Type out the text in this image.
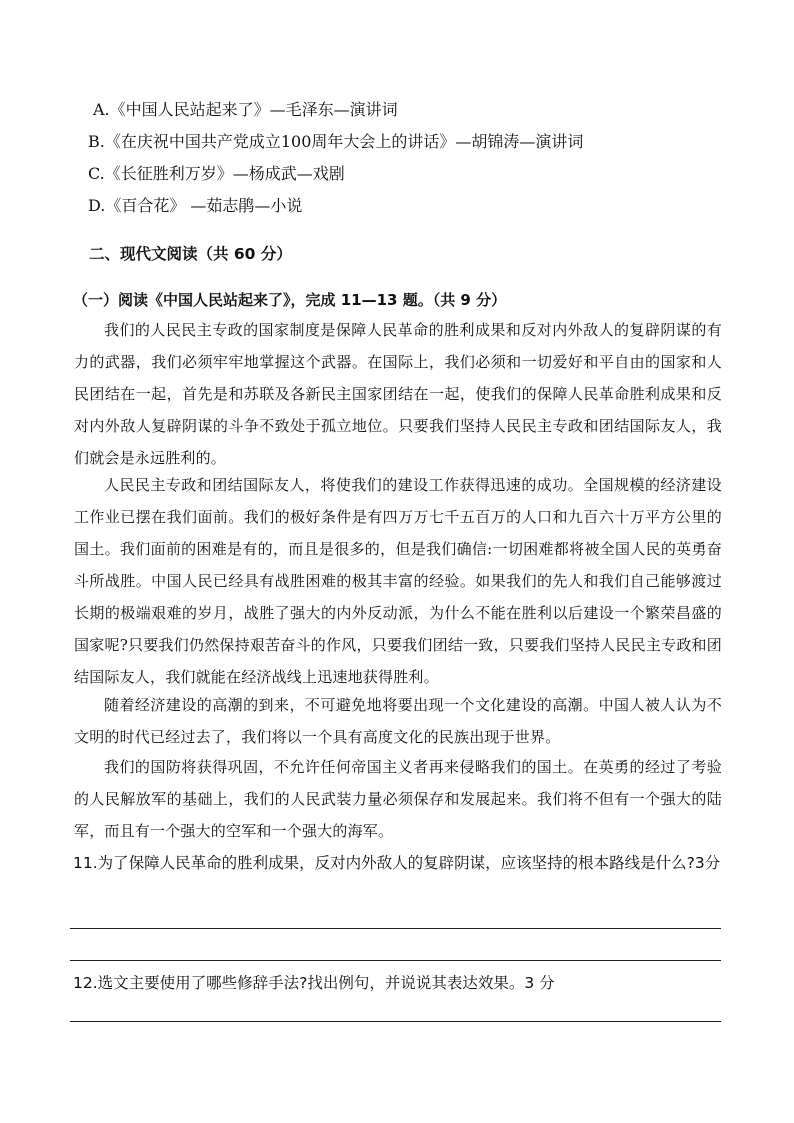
A.《中国人民站起来了》—毛泽东—演讲词
B.《在庆祝中国共产党成立100周年大会上的讲话》—胡锦涛—演讲词
C.《长征胜利万岁》—杨成武—戏剧
D.《百合花》 —茹志鹃—小说
二、现代文阅读（共 60 分）
（一）阅读《中国人民站起来了》，完成 11—13 题。（共 9 分）

我们的人民民主专政的国家制度是保障人民革命的胜利成果和反对内外敌人的复辟阴谋的有力的武器，我们必须牢牢地掌握这个武器。在国际上，我们必须和一切爱好和平自由的国家和人民团结在一起，首先是和苏联及各新民主国家团结在一起，使我们的保障人民革命胜利成果和反对内外敌人复辟阴谋的斗争不致处于孤立地位。只要我们坚持人民民主专政和团结国际友人，我们就会是永远胜利的。

人民民主专政和团结国际友人，将使我们的建设工作获得迅速的成功。全国规模的经济建设工作业已摆在我们面前。我们的极好条件是有四万万七千五百万的人口和九百六十万平方公里的国土。我们面前的困难是有的，而且是很多的，但是我们确信:一切困难都将被全国人民的英勇奋斗所战胜。中国人民已经具有战胜困难的极其丰富的经验。如果我们的先人和我们自己能够渡过长期的极端艰难的岁月，战胜了强大的内外反动派，为什么不能在胜利以后建设一个繁荣昌盛的国家呢?只要我们仍然保持艰苦奋斗的作风，只要我们团结一致，只要我们坚持人民民主专政和团结国际友人，我们就能在经济战线上迅速地获得胜利。

随着经济建设的高潮的到来，不可避免地将要出现一个文化建设的高潮。中国人被人认为不文明的时代已经过去了，我们将以一个具有高度文化的民族出现于世界。

我们的国防将获得巩固，不允许任何帝国主义者再来侵略我们的国土。在英勇的经过了考验的人民解放军的基础上，我们的人民武装力量必须保存和发展起来。我们将不但有一个强大的陆军，而且有一个强大的空军和一个强大的海军。

11.为了保障人民革命的胜利成果，反对内外敌人的复辟阴谋，应该坚持的根本路线是什么?3分

12.选文主要使用了哪些修辞手法?找出例句，并说说其表达效果。3 分
